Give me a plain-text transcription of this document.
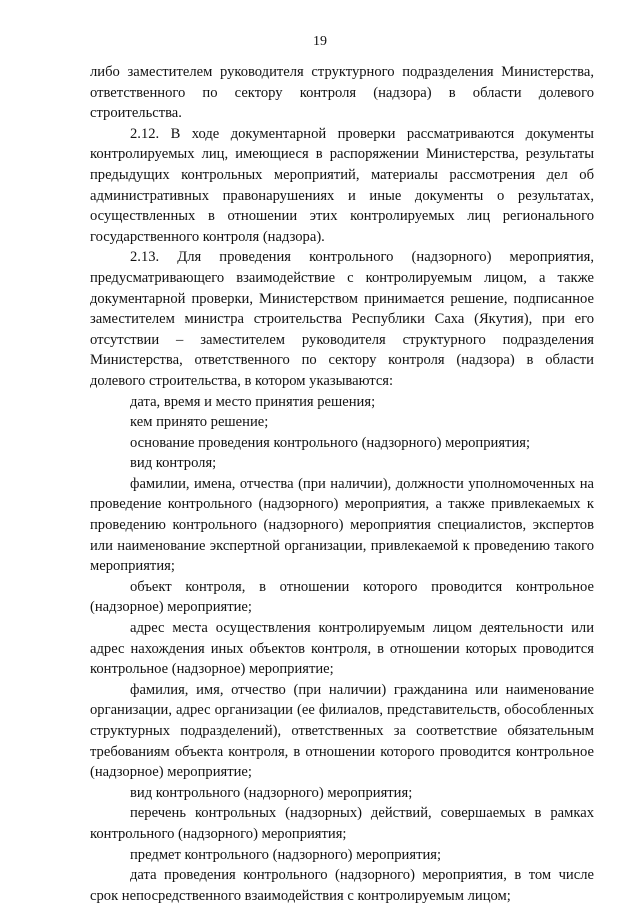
19

либо заместителем руководителя структурного подразделения Министерства, ответственного по сектору контроля (надзора) в области долевого строительства.

2.12. В ходе документарной проверки рассматриваются документы контролируемых лиц, имеющиеся в распоряжении Министерства, результаты предыдущих контрольных мероприятий, материалы рассмотрения дел об административных правонарушениях и иные документы о результатах, осуществленных в отношении этих контролируемых лиц регионального государственного контроля (надзора).

2.13. Для проведения контрольного (надзорного) мероприятия, предусматривающего взаимодействие с контролируемым лицом, а также документарной проверки, Министерством принимается решение, подписанное заместителем министра строительства Республики Саха (Якутия), при его отсутствии – заместителем руководителя структурного подразделения Министерства, ответственного по сектору контроля (надзора) в области долевого строительства, в котором указываются:

дата, время и место принятия решения;

кем принято решение;

основание проведения контрольного (надзорного) мероприятия;

вид контроля;

фамилии, имена, отчества (при наличии), должности уполномоченных на проведение контрольного (надзорного) мероприятия, а также привлекаемых к проведению контрольного (надзорного) мероприятия специалистов, экспертов или наименование экспертной организации, привлекаемой к проведению такого мероприятия;

объект контроля, в отношении которого проводится контрольное (надзорное) мероприятие;

адрес места осуществления контролируемым лицом деятельности или адрес нахождения иных объектов контроля, в отношении которых проводится контрольное (надзорное) мероприятие;

фамилия, имя, отчество (при наличии) гражданина или наименование организации, адрес организации (ее филиалов, представительств, обособленных структурных подразделений), ответственных за соответствие обязательным требованиям объекта контроля, в отношении которого проводится контрольное (надзорное) мероприятие;

вид контрольного (надзорного) мероприятия;

перечень контрольных (надзорных) действий, совершаемых в рамках контрольного (надзорного) мероприятия;

предмет контрольного (надзорного) мероприятия;

дата проведения контрольного (надзорного) мероприятия, в том числе срок непосредственного взаимодействия с контролируемым лицом;
